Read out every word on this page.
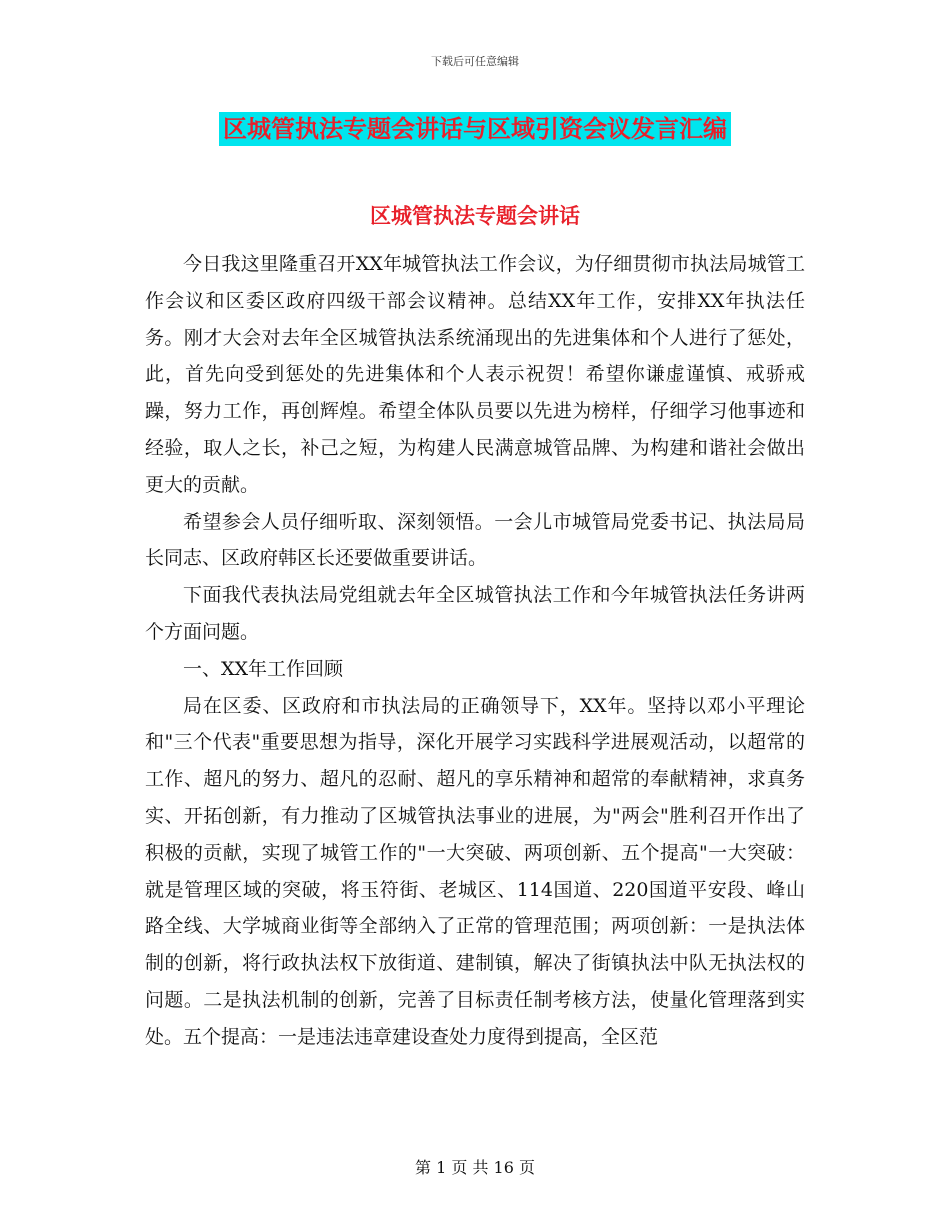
下载后可任意编辑
区城管执法专题会讲话与区域引资会议发言汇编
区城管执法专题会讲话

今日我这里隆重召开XX年城管执法工作会议，为仔细贯彻市执法局城管工作会议和区委区政府四级干部会议精神。总结XX年工作，安排XX年执法任务。刚才大会对去年全区城管执法系统涌现出的先进集体和个人进行了惩处，此，首先向受到惩处的先进集体和个人表示祝贺！希望你谦虚谨慎、戒骄戒躁，努力工作，再创辉煌。希望全体队员要以先进为榜样，仔细学习他事迹和经验，取人之长，补己之短，为构建人民满意城管品牌、为构建和谐社会做出更大的贡献。

希望参会人员仔细听取、深刻领悟。一会儿市城管局党委书记、执法局局长同志、区政府韩区长还要做重要讲话。

下面我代表执法局党组就去年全区城管执法工作和今年城管执法任务讲两个方面问题。

一、XX年工作回顾

局在区委、区政府和市执法局的正确领导下，XX年。坚持以邓小平理论和"三个代表"重要思想为指导，深化开展学习实践科学进展观活动，以超常的工作、超凡的努力、超凡的忍耐、超凡的享乐精神和超常的奉献精神，求真务实、开拓创新，有力推动了区城管执法事业的进展，为"两会"胜利召开作出了积极的贡献，实现了城管工作的"一大突破、两项创新、五个提高"一大突破：就是管理区域的突破，将玉符街、老城区、114国道、220国道平安段、峰山路全线、大学城商业街等全部纳入了正常的管理范围；两项创新：一是执法体制的创新，将行政执法权下放街道、建制镇，解决了街镇执法中队无执法权的问题。二是执法机制的创新，完善了目标责任制考核方法，使量化管理落到实处。五个提高：一是违法违章建设查处力度得到提高，全区范

第 1 页 共 16 页
